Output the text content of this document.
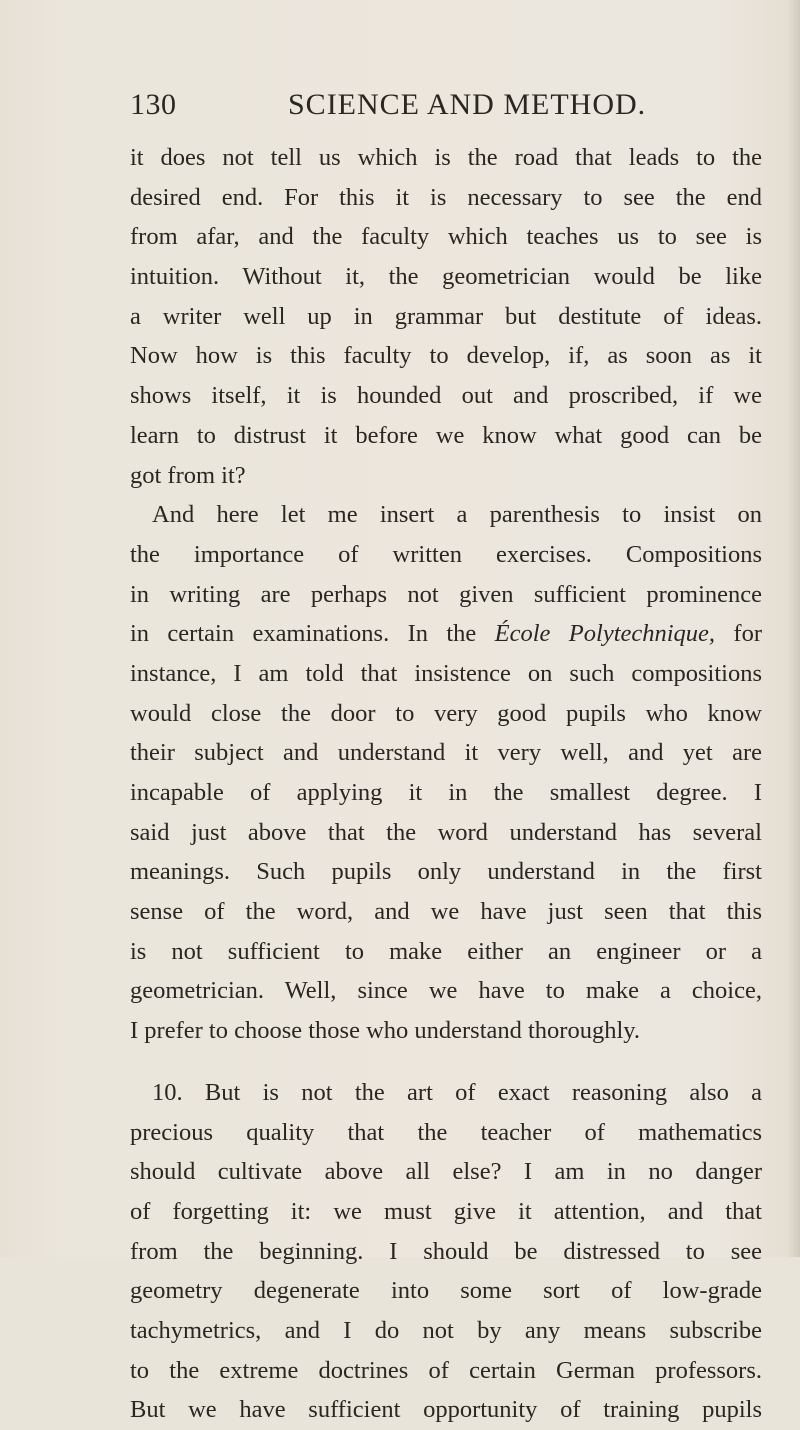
130	SCIENCE AND METHOD.
it does not tell us which is the road that leads to the
desired end. For this it is necessary to see the end
from afar, and the faculty which teaches us to see is
intuition. Without it, the geometrician would be like
a writer well up in grammar but destitute of ideas.
Now how is this faculty to develop, if, as soon as it
shows itself, it is hounded out and proscribed, if we
learn to distrust it before we know what good can be
got from it?
And here let me insert a parenthesis to insist on
the importance of written exercises. Compositions
in writing are perhaps not given sufficient prominence
in certain examinations. In the École Polytechnique, for
instance, I am told that insistence on such compositions
would close the door to very good pupils who know
their subject and understand it very well, and yet are
incapable of applying it in the smallest degree. I
said just above that the word understand has several
meanings. Such pupils only understand in the first
sense of the word, and we have just seen that this
is not sufficient to make either an engineer or a
geometrician. Well, since we have to make a choice,
I prefer to choose those who understand thoroughly.
10. But is not the art of exact reasoning also a
precious quality that the teacher of mathematics
should cultivate above all else? I am in no danger
of forgetting it: we must give it attention, and that
from the beginning. I should be distressed to see
geometry degenerate into some sort of low-grade
tachymetrics, and I do not by any means subscribe
to the extreme doctrines of certain German professors.
But we have sufficient opportunity of training pupils
